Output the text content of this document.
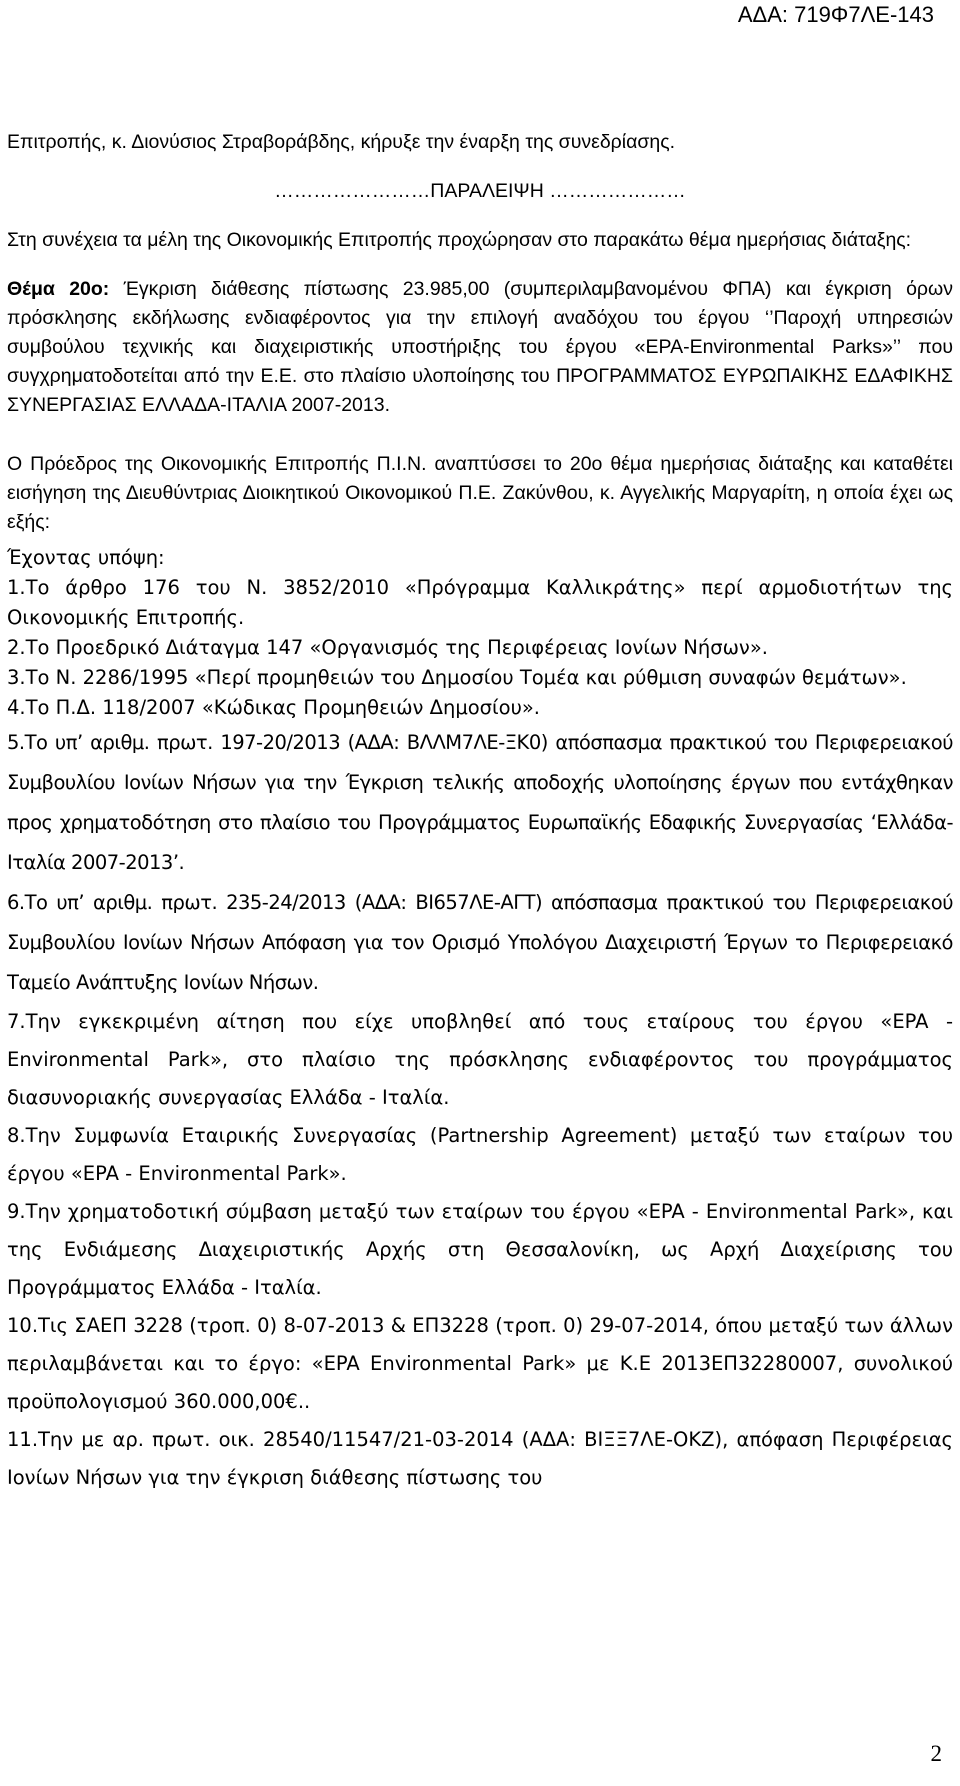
ΑΔΑ: 719Φ7ΛΕ-143

Επιτροπής, κ. Διονύσιος Στραβοράβδης, κήρυξε την έναρξη της συνεδρίασης.

……………………ΠΑΡΑΛΕΙΨΗ …………………

Στη συνέχεια τα μέλη της Οικονομικής Επιτροπής προχώρησαν στο παρακάτω θέμα ημερήσιας διάταξης:

Θέμα 20ο: Έγκριση διάθεσης πίστωσης 23.985,00 (συμπεριλαμβανομένου ΦΠΑ) και έγκριση όρων πρόσκλησης εκδήλωσης ενδιαφέροντος για την επιλογή αναδόχου του έργου ‘’Παροχή υπηρεσιών συμβούλου τεχνικής και διαχειριστικής υποστήριξης του έργου «ΕPA-Environmental Parks»’’ που συγχρηματοδοτείται από την Ε.Ε. στο πλαίσιο υλοποίησης του ΠΡΟΓΡΑΜΜΑΤΟΣ ΕΥΡΩΠΑΙΚΗΣ ΕΔΑΦΙΚΗΣ ΣΥΝΕΡΓΑΣΙΑΣ ΕΛΛΑΔΑ-ΙΤΑΛΙΑ 2007-2013.

Ο Πρόεδρος της Οικονομικής Επιτροπής Π.Ι.Ν. αναπτύσσει το 20ο θέμα ημερήσιας διάταξης και καταθέτει εισήγηση της Διευθύντριας Διοικητικού Οικονομικού Π.Ε. Ζακύνθου, κ. Αγγελικής Μαργαρίτη, η οποία έχει ως εξής:

Έχοντας υπόψη:

1.Το άρθρο 176 του Ν. 3852/2010 «Πρόγραμμα Καλλικράτης» περί αρμοδιοτήτων της Οικονομικής Επιτροπής.

2.Το Προεδρικό Διάταγμα 147 «Οργανισμός της Περιφέρειας Ιονίων Νήσων».

3.Το Ν. 2286/1995 «Περί προμηθειών του Δημοσίου Τομέα και ρύθμιση συναφών θεμάτων».

4.Το Π.Δ. 118/2007 «Κώδικας Προμηθειών Δημοσίου».

5.Το υπ’ αριθμ. πρωτ. 197-20/2013 (ΑΔΑ: ΒΛΛΜ7ΛΕ-ΞΚ0) απόσπασμα πρακτικού του Περιφερειακού Συμβουλίου Ιονίων Νήσων για την Έγκριση τελικής αποδοχής υλοποίησης έργων που εντάχθηκαν προς χρηματοδότηση στο πλαίσιο του Προγράμματος Ευρωπαϊκής Εδαφικής Συνεργασίας ‘Ελλάδα- Ιταλία 2007-2013’.

6.Το υπ’ αριθμ. πρωτ. 235-24/2013 (ΑΔΑ: ΒΙ657ΛΕ-ΑΓΤ) απόσπασμα πρακτικού του Περιφερειακού Συμβουλίου Ιονίων Νήσων Απόφαση για τον Ορισμό Υπολόγου Διαχειριστή Έργων το Περιφερειακό Ταμείο Ανάπτυξης Ιονίων Νήσων.

7.Την εγκεκριμένη αίτηση που είχε υποβληθεί από τους εταίρους του έργου «EPA - Environmental Park», στο πλαίσιο της πρόσκλησης ενδιαφέροντος του προγράμματος διασυνοριακής συνεργασίας Ελλάδα - Ιταλία.

8.Την Συμφωνία Εταιρικής Συνεργασίας (Partnership Agreement) μεταξύ των εταίρων του έργου «EPA - Environmental Park».

9.Την χρηματοδοτική σύμβαση μεταξύ των εταίρων του έργου «EPA - Environmental Park», και της Ενδιάμεσης Διαχειριστικής Αρχής στη Θεσσαλονίκη, ως Αρχή Διαχείρισης του Προγράμματος Ελλάδα - Ιταλία.

10.Τις ΣΑΕΠ 3228 (τροπ. 0) 8-07-2013 & ΕΠ3228 (τροπ. 0) 29-07-2014, όπου μεταξύ των άλλων περιλαμβάνεται και το έργο: «ΕPA Environmental Park» με Κ.Ε 2013ΕΠ32280007, συνολικού προϋπολογισμού 360.000,00€..

11.Την με αρ. πρωτ. οικ. 28540/11547/21-03-2014 (ΑΔΑ: ΒΙΞΞ7ΛΕ-ΟΚΖ), απόφαση Περιφέρειας Ιονίων Νήσων για την έγκριση διάθεσης πίστωσης του

2
